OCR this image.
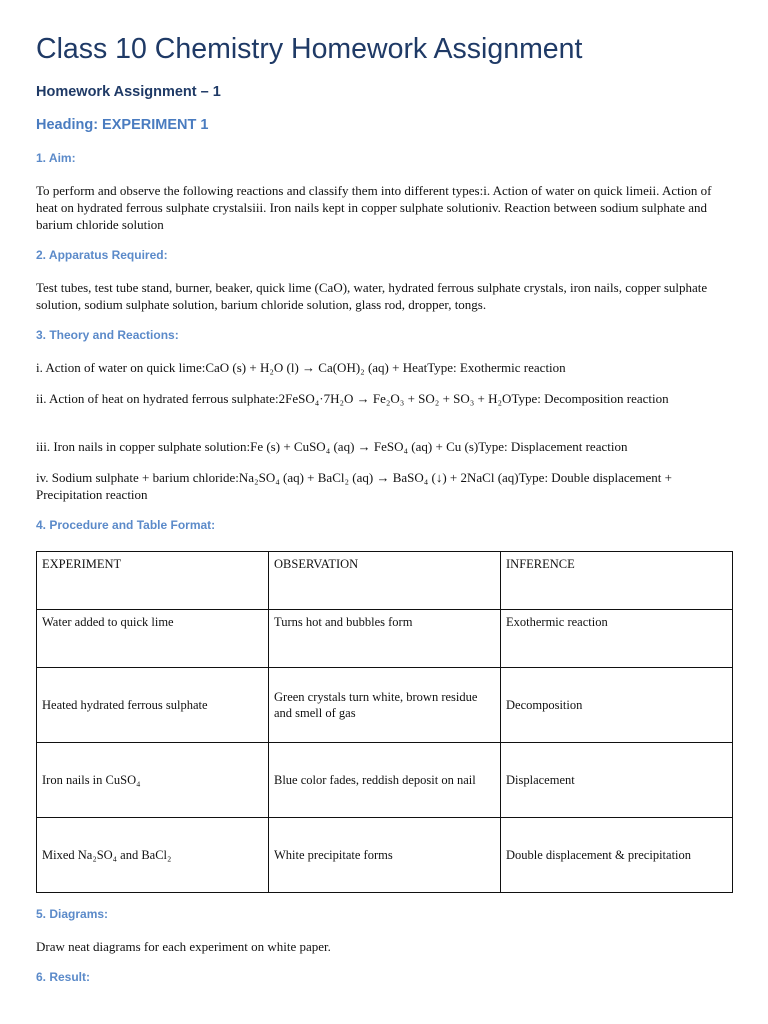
Class 10 Chemistry Homework Assignment
Homework Assignment – 1
Heading: EXPERIMENT 1
1. Aim:
To perform and observe the following reactions and classify them into different types:i. Action of water on quick limeii. Action of heat on hydrated ferrous sulphate crystalsiii. Iron nails kept in copper sulphate solutioniv. Reaction between sodium sulphate and barium chloride solution
2. Apparatus Required:
Test tubes, test tube stand, burner, beaker, quick lime (CaO), water, hydrated ferrous sulphate crystals, iron nails, copper sulphate solution, sodium sulphate solution, barium chloride solution, glass rod, dropper, tongs.
3. Theory and Reactions:
i. Action of water on quick lime:CaO (s) + H₂O (l) → Ca(OH)₂ (aq) + HeatType: Exothermic reaction
ii. Action of heat on hydrated ferrous sulphate:2FeSO₄·7H₂O → Fe₂O₃ + SO₂ + SO₃ + H₂OType: Decomposition reaction
iii. Iron nails in copper sulphate solution:Fe (s) + CuSO₄ (aq) → FeSO₄ (aq) + Cu (s)Type: Displacement reaction
iv. Sodium sulphate + barium chloride:Na₂SO₄ (aq) + BaCl₂ (aq) → BaSO₄ (↓) + 2NaCl (aq)Type: Double displacement + Precipitation reaction
4. Procedure and Table Format:
EXPERIMENT	OBSERVATION	INFERENCE
Water added to quick lime	Turns hot and bubbles form	Exothermic reaction
Heated hydrated ferrous sulphate	Green crystals turn white, brown residue and smell of gas	Decomposition
Iron nails in CuSO₄	Blue color fades, reddish deposit on nail	Displacement
Mixed Na₂SO₄ and BaCl₂	White precipitate forms	Double displacement & precipitation
5. Diagrams:
Draw neat diagrams for each experiment on white paper.
6. Result:
